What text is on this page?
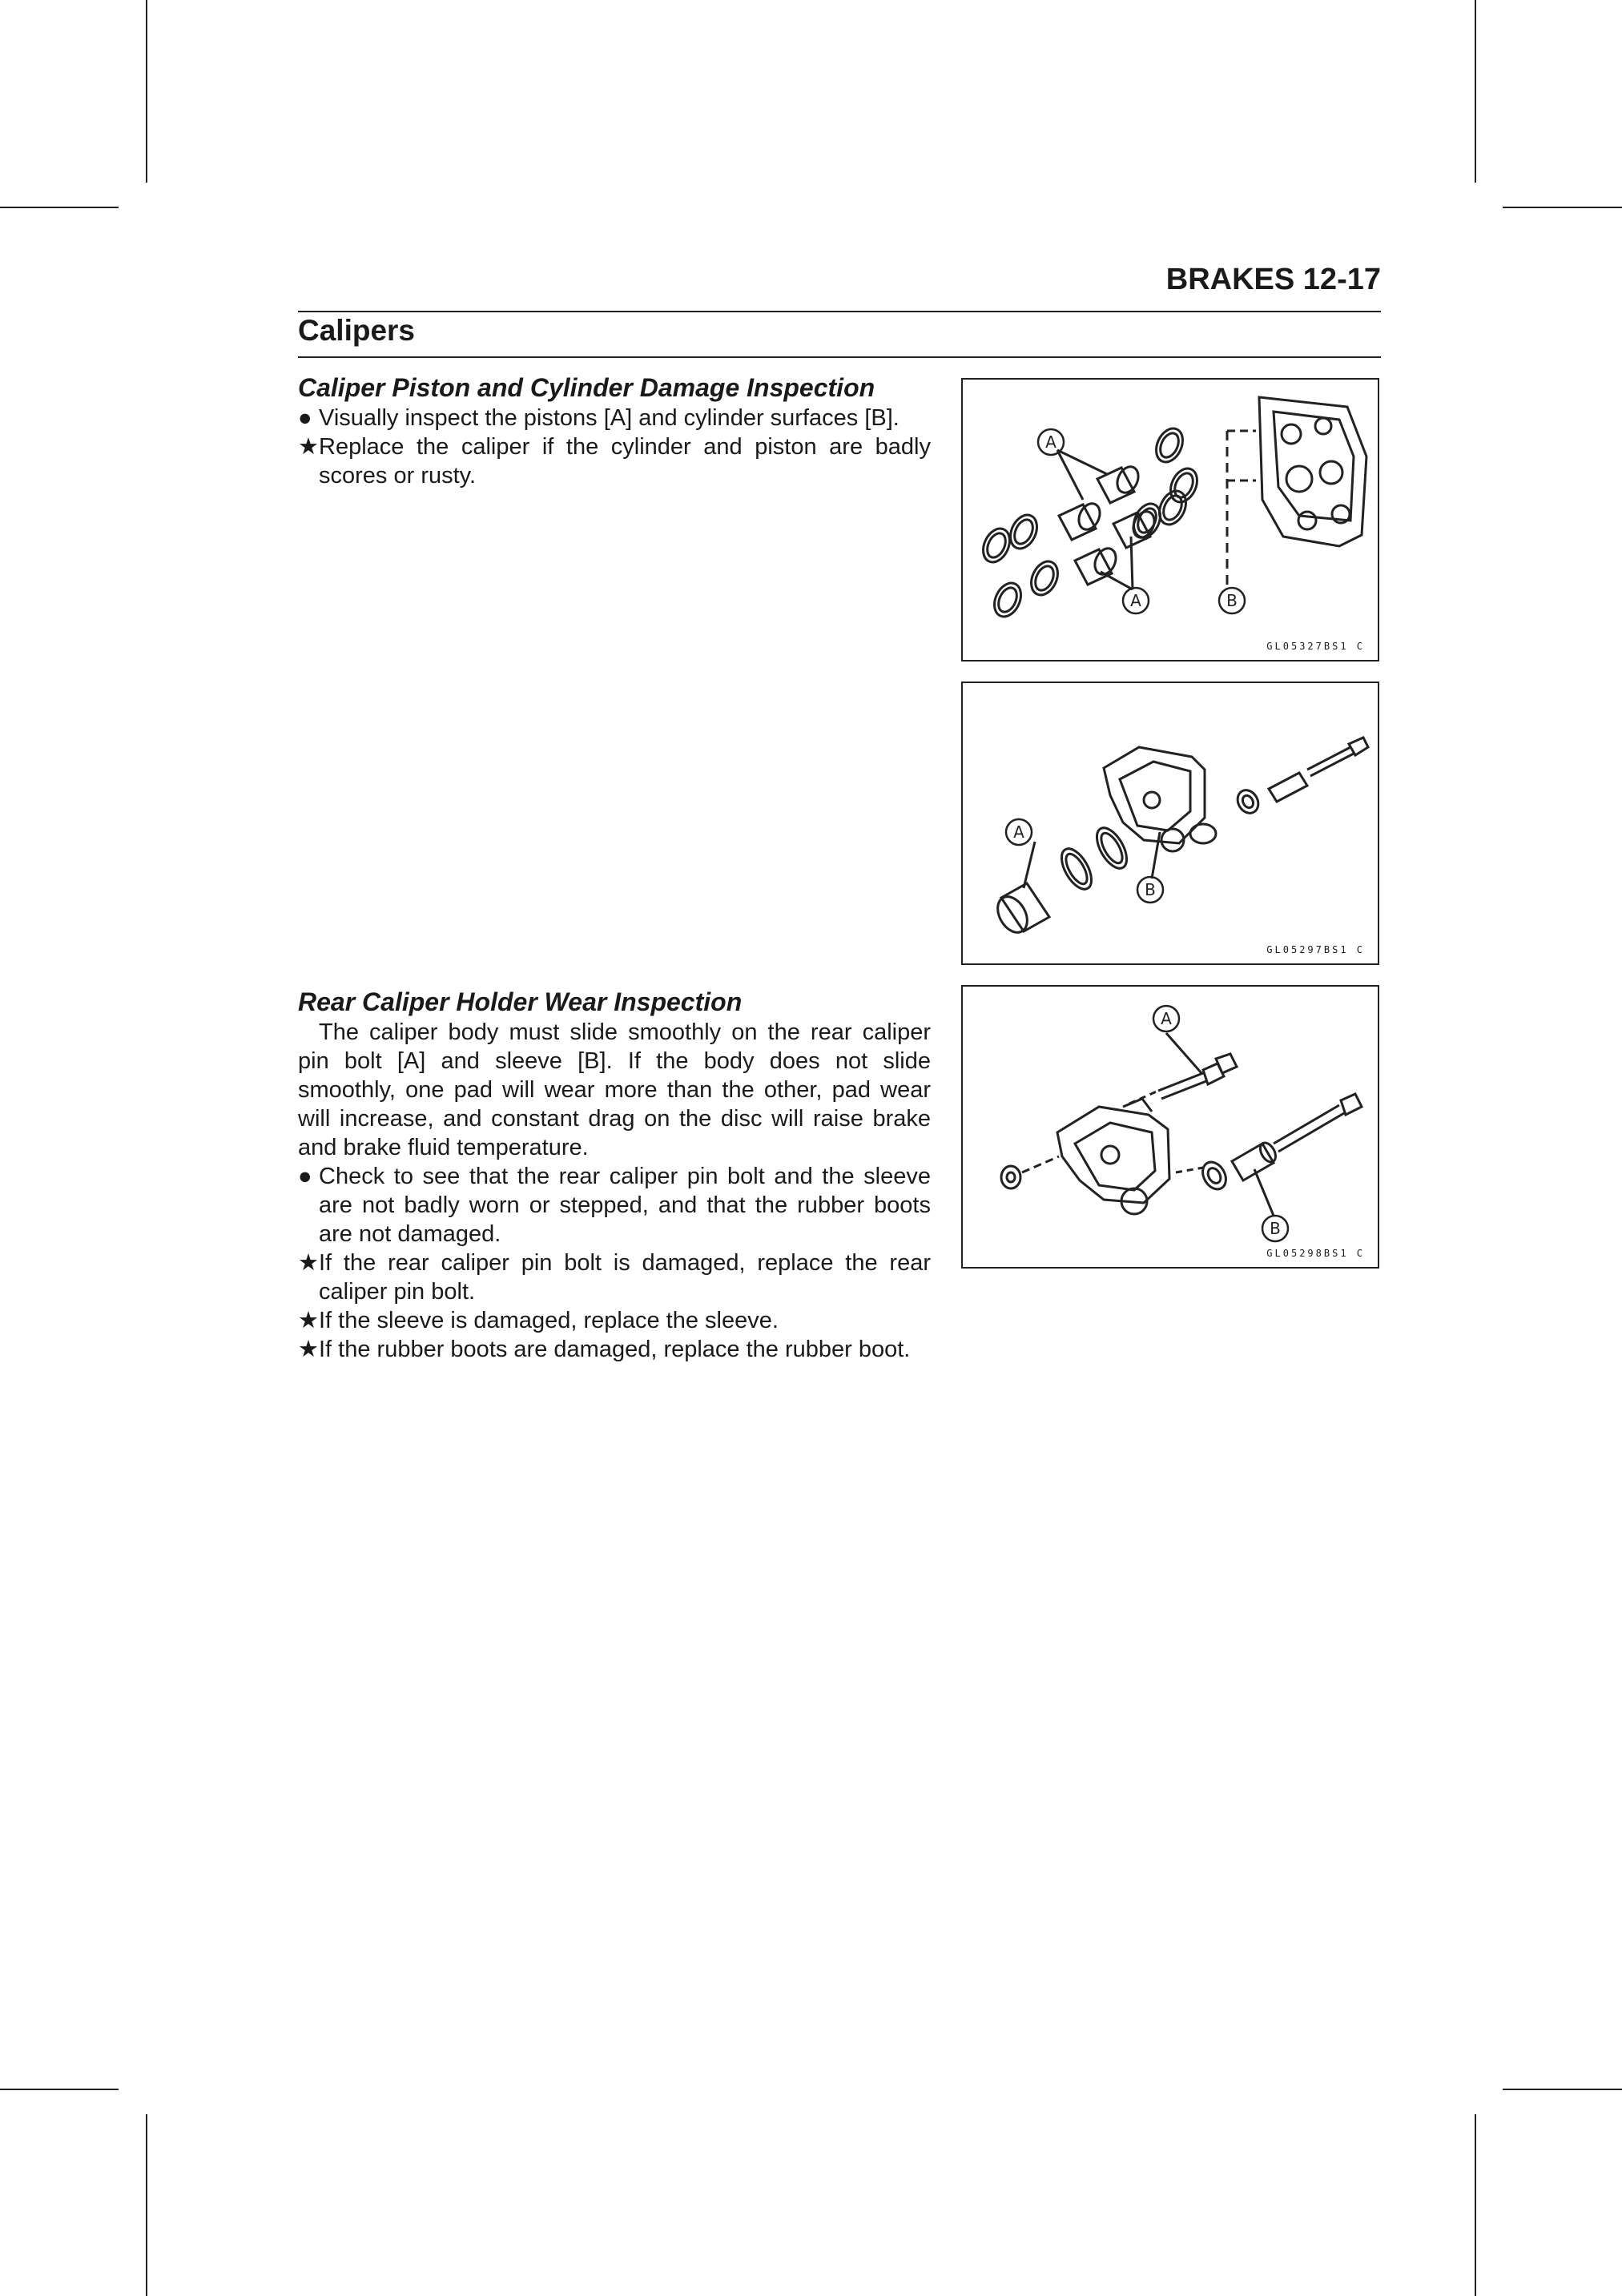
BRAKES 12-17
Calipers
Caliper Piston and Cylinder Damage Inspection

● Visually inspect the pistons [A] and cylinder surfaces [B].

★ Replace the caliper if the cylinder and piston are badly scores or rusty.

Rear Caliper Holder Wear Inspection

The caliper body must slide smoothly on the rear caliper pin bolt [A] and sleeve [B]. If the body does not slide smoothly, one pad will wear more than the other, pad wear will increase, and constant drag on the disc will raise brake and brake fluid temperature.

● Check to see that the rear caliper pin bolt and the sleeve are not badly worn or stepped, and that the rubber boots are not damaged.

★ If the rear caliper pin bolt is damaged, replace the rear caliper pin bolt.

★ If the sleeve is damaged, replace the sleeve.

★ If the rubber boots are damaged, replace the rubber boot.

A
A	B
GL05327BS1 C
A
B
GL05297BS1 C
A
B
GL05298BS1 C
